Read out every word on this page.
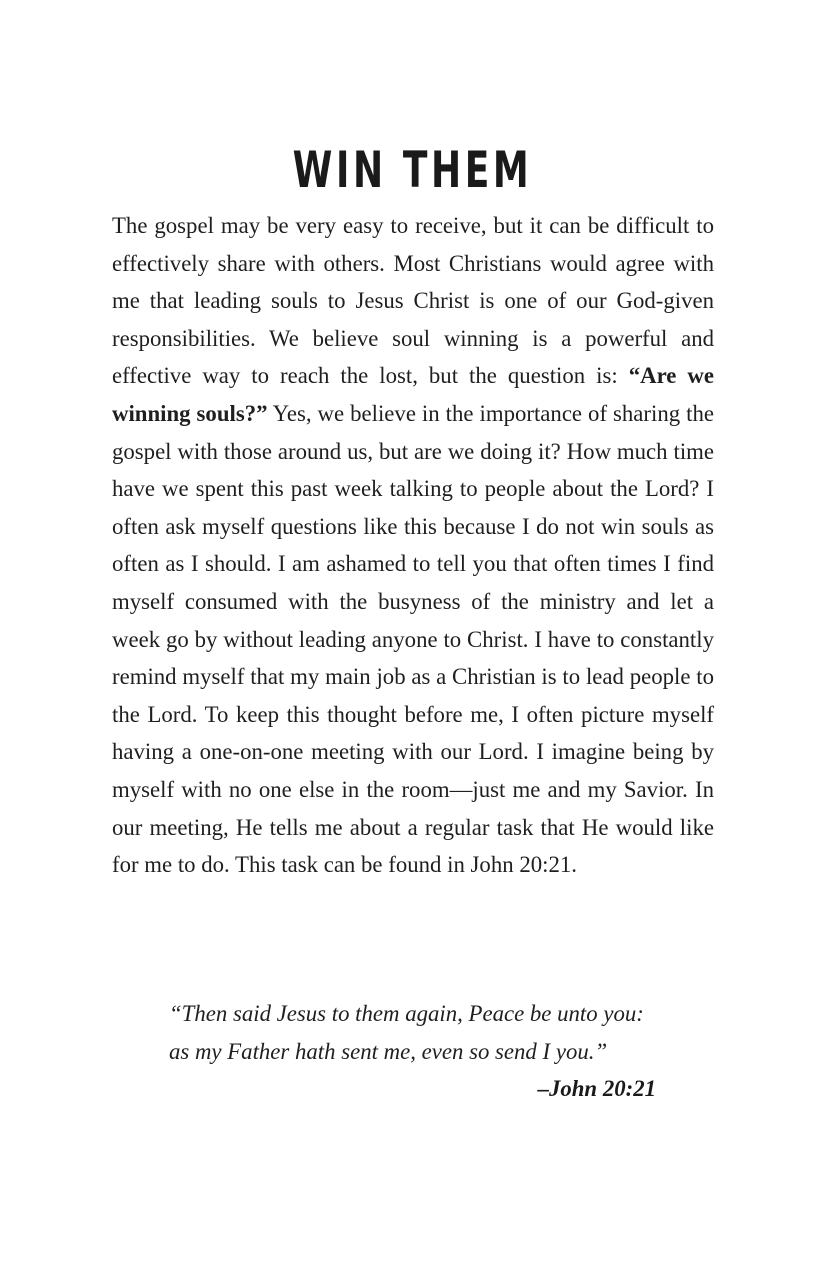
WIN THEM

The gospel may be very easy to receive, but it can be difficult to effectively share with others. Most Christians would agree with me that leading souls to Jesus Christ is one of our God-given responsibilities. We believe soul winning is a powerful and effective way to reach the lost, but the question is: “Are we winning souls?” Yes, we believe in the importance of sharing the gospel with those around us, but are we doing it? How much time have we spent this past week talking to people about the Lord? I often ask myself questions like this because I do not win souls as often as I should. I am ashamed to tell you that often times I find myself consumed with the busyness of the ministry and let a week go by without leading anyone to Christ. I have to constantly remind myself that my main job as a Christian is to lead people to the Lord. To keep this thought before me, I often picture myself having a one-on-one meeting with our Lord. I imagine being by myself with no one else in the room—just me and my Savior. In our meeting, He tells me about a regular task that He would like for me to do. This task can be found in John 20:21.

“Then said Jesus to them again, Peace be unto you:
as my Father hath sent me, even so send I you.”

–John 20:21
